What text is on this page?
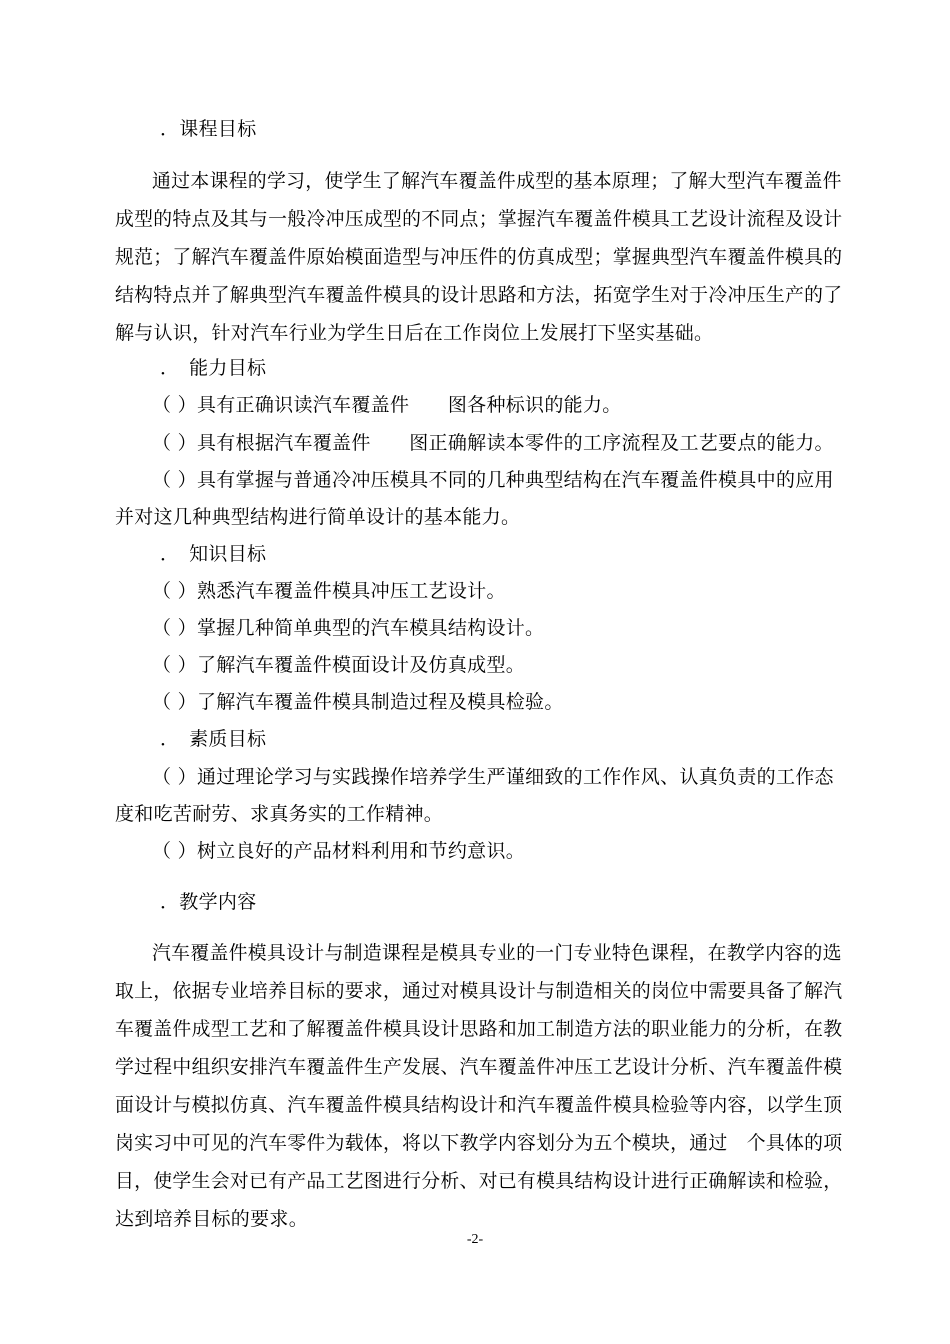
．课程目标
通过本课程的学习，使学生了解汽车覆盖件成型的基本原理；了解大型汽车覆盖件
成型的特点及其与一般冷冲压成型的不同点；掌握汽车覆盖件模具工艺设计流程及设计
规范；了解汽车覆盖件原始模面造型与冲压件的仿真成型；掌握典型汽车覆盖件模具的
结构特点并了解典型汽车覆盖件模具的设计思路和方法，拓宽学生对于冷冲压生产的了
解与认识，针对汽车行业为学生日后在工作岗位上发展打下坚实基础。
．　能力目标
（ ）具有正确识读汽车覆盖件　　图各种标识的能力。
（ ）具有根据汽车覆盖件　　图正确解读本零件的工序流程及工艺要点的能力。
（ ）具有掌握与普通冷冲压模具不同的几种典型结构在汽车覆盖件模具中的应用
并对这几种典型结构进行简单设计的基本能力。
．　知识目标
（ ）熟悉汽车覆盖件模具冲压工艺设计。
（ ）掌握几种简单典型的汽车模具结构设计。
（ ）了解汽车覆盖件模面设计及仿真成型。
（ ）了解汽车覆盖件模具制造过程及模具检验。
．　素质目标
（ ）通过理论学习与实践操作培养学生严谨细致的工作作风、认真负责的工作态
度和吃苦耐劳、求真务实的工作精神。
（ ）树立良好的产品材料利用和节约意识。
．教学内容
汽车覆盖件模具设计与制造课程是模具专业的一门专业特色课程，在教学内容的选
取上，依据专业培养目标的要求，通过对模具设计与制造相关的岗位中需要具备了解汽
车覆盖件成型工艺和了解覆盖件模具设计思路和加工制造方法的职业能力的分析，在教
学过程中组织安排汽车覆盖件生产发展、汽车覆盖件冲压工艺设计分析、汽车覆盖件模
面设计与模拟仿真、汽车覆盖件模具结构设计和汽车覆盖件模具检验等内容，以学生顶
岗实习中可见的汽车零件为载体，将以下教学内容划分为五个模块，通过　个具体的项
目，使学生会对已有产品工艺图进行分析、对已有模具结构设计进行正确解读和检验，
达到培养目标的要求。
-2-
